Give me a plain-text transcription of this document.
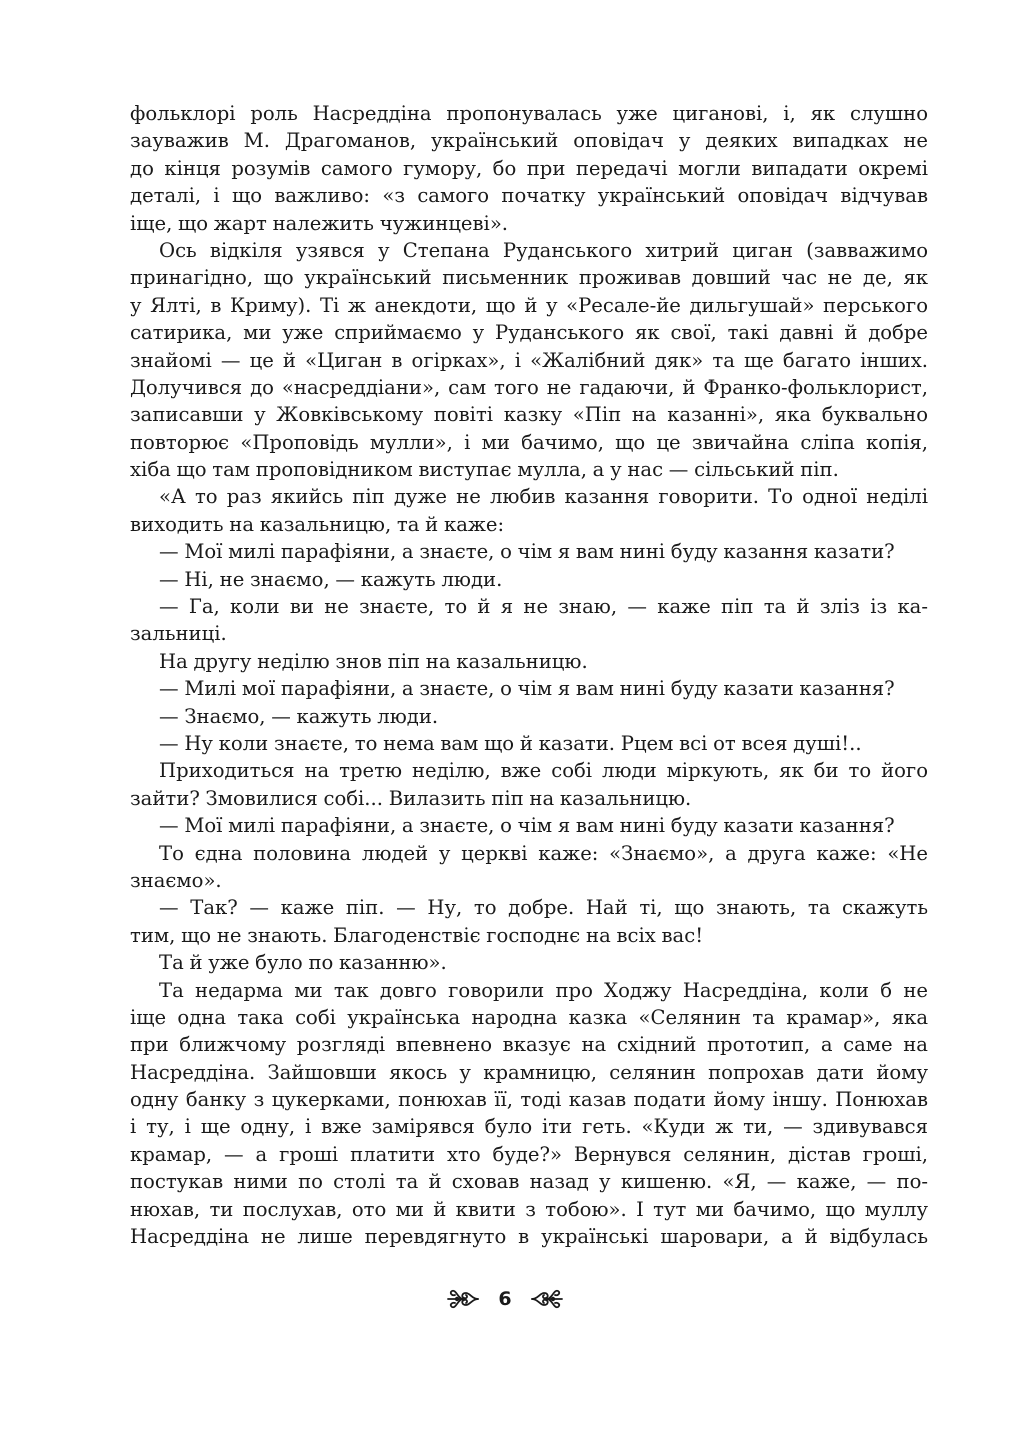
фольклорі роль Насреддіна пропонувалась уже циганові, і, як слушно
зауважив М. Драгоманов, український оповідач у деяких випадках не
до кінця розумів самого гумору, бо при передачі могли випадати окремі
деталі, і що важливо: «з самого початку український оповідач відчував
іще, що жарт належить чужинцеві».
Ось відкіля узявся у Степана Руданського хитрий циган (завважимо
принагідно, що український письменник проживав довший час не де, як
у Ялті, в Криму). Ті ж анекдоти, що й у «Ресале-йе дильгушай» перського
сатирика, ми уже сприймаємо у Руданського як свої, такі давні й добре
знайомі — це й «Циган в огірках», і «Жалібний дяк» та ще багато інших.
Долучився до «насреддіани», сам того не гадаючи, й Франко-фольклорист,
записавши у Жовківському повіті казку «Піп на казанні», яка буквально
повторює «Проповідь мулли», і ми бачимо, що це звичайна сліпа копія,
хіба що там проповідником виступає мулла, а у нас — сільський піп.
«А то раз якийсь піп дуже не любив казання говорити. То одної неділі
виходить на казальницю, та й каже:
— Мої милі парафіяни, а знаєте, о чім я вам нині буду казання казати?
— Ні, не знаємо, — кажуть люди.
— Га, коли ви не знаєте, то й я не знаю, — каже піп та й зліз із ка-
зальниці.
На другу неділю знов піп на казальницю.
— Милі мої парафіяни, а знаєте, о чім я вам нині буду казати казання?
— Знаємо, — кажуть люди.
— Ну коли знаєте, то нема вам що й казати. Рцем всі от всея душі!..
Приходиться на третю неділю, вже собі люди міркують, як би то його
зайти? Змовилися собі... Вилазить піп на казальницю.
— Мої милі парафіяни, а знаєте, о чім я вам нині буду казати казання?
То єдна половина людей у церкві каже: «Знаємо», а друга каже: «Не
знаємо».
— Так? — каже піп. — Ну, то добре. Най ті, що знають, та скажуть
тим, що не знають. Благоденствіє господнє на всіх вас!
Та й уже було по казанню».
Та недарма ми так довго говорили про Ходжу Насреддіна, коли б не
іще одна така собі українська народна казка «Селянин та крамар», яка
при ближчому розгляді впевнено вказує на східний прототип, а саме на
Насреддіна. Зайшовши якось у крамницю, селянин попрохав дати йому
одну банку з цукерками, понюхав її, тоді казав подати йому іншу. Понюхав
і ту, і ще одну, і вже замірявся було іти геть. «Куди ж ти, — здивувався
крамар, — а гроші платити хто буде?» Вернувся селянин, дістав гроші,
постукав ними по столі та й сховав назад у кишеню. «Я, — каже, — по-
нюхав, ти послухав, ото ми й квити з тобою». І тут ми бачимо, що муллу
Насреддіна не лише перевдягнуто в українські шаровари, а й відбулась
6
